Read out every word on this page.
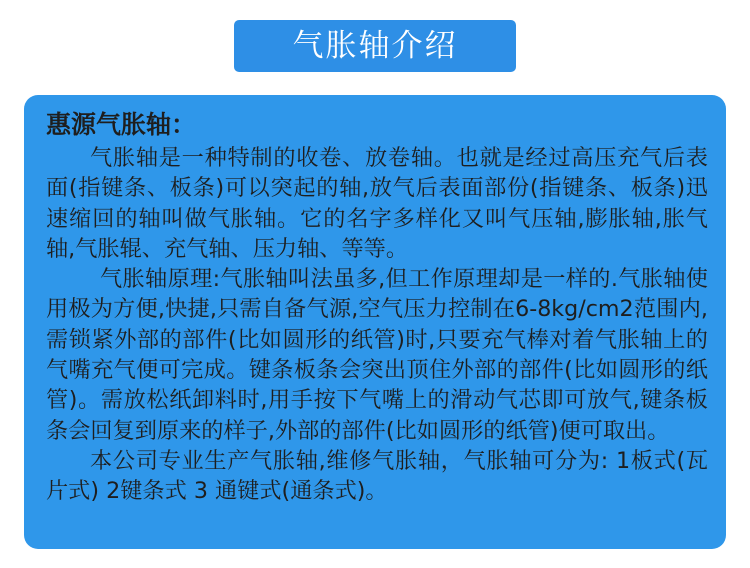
气胀轴介绍
惠源气胀轴：

气胀轴是一种特制的收卷、放卷轴。也就是经过高压充气后表面(指键条、板条)可以突起的轴,放气后表面部份(指键条、板条)迅速缩回的轴叫做气胀轴。它的名字多样化又叫气压轴,膨胀轴,胀气轴,气胀辊、充气轴、压力轴、等等。

气胀轴原理:气胀轴叫法虽多,但工作原理却是一样的.气胀轴使用极为方便,快捷,只需自备气源,空气压力控制在6-8kg/cm2范围内,需锁紧外部的部件(比如圆形的纸管)时,只要充气棒对着气胀轴上的气嘴充气便可完成。键条板条会突出顶住外部的部件(比如圆形的纸管)。需放松纸卸料时,用手按下气嘴上的滑动气芯即可放气,键条板条会回复到原来的样子,外部的部件(比如圆形的纸管)便可取出。

本公司专业生产气胀轴,维修气胀轴，气胀轴可分为: 1板式(瓦片式) 2键条式 3 通键式(通条式)。
